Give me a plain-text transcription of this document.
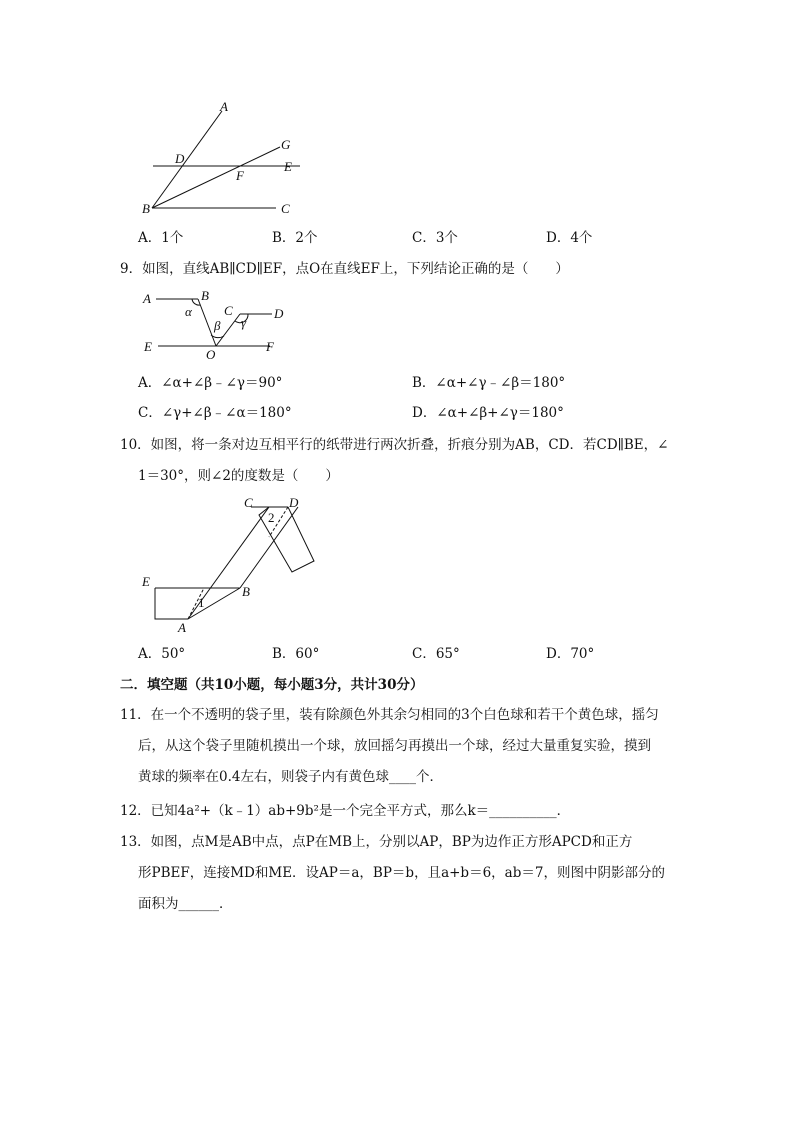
A
D
G
E
F
B	C
A．1个	B．2个	C．3个	D．4个
9．如图，直线AB∥CD∥EF，点O在直线EF上，下列结论正确的是（　　）
A	B
C	D
E	F
O
α
β γ
A．∠α+∠β﹣∠γ＝90°	B．∠α+∠γ﹣∠β＝180°
C．∠γ+∠β﹣∠α＝180°	D．∠α+∠β+∠γ＝180°
10．如图，将一条对边互相平行的纸带进行两次折叠，折痕分别为AB，CD．若CD∥BE，∠
1＝30°，则∠2的度数是（　　）
C	D
2
E
B
1
A
A．50°	B．60°	C．65°	D．70°
二．填空题（共10小题，每小题3分，共计30分）
11．在一个不透明的袋子里，装有除颜色外其余匀相同的3个白色球和若干个黄色球，摇匀
后，从这个袋子里随机摸出一个球，放回摇匀再摸出一个球，经过大量重复实验，摸到
黄球的频率在0.4左右，则袋子内有黄色球____个．
12．已知4a²+（k﹣1）ab+9b²是一个完全平方式，那么k＝__________．
13．如图，点M是AB中点，点P在MB上，分别以AP，BP为边作正方形APCD和正方
形PBEF，连接MD和ME．设AP＝a，BP＝b，且a+b＝6，ab＝7，则图中阴影部分的
面积为______．
